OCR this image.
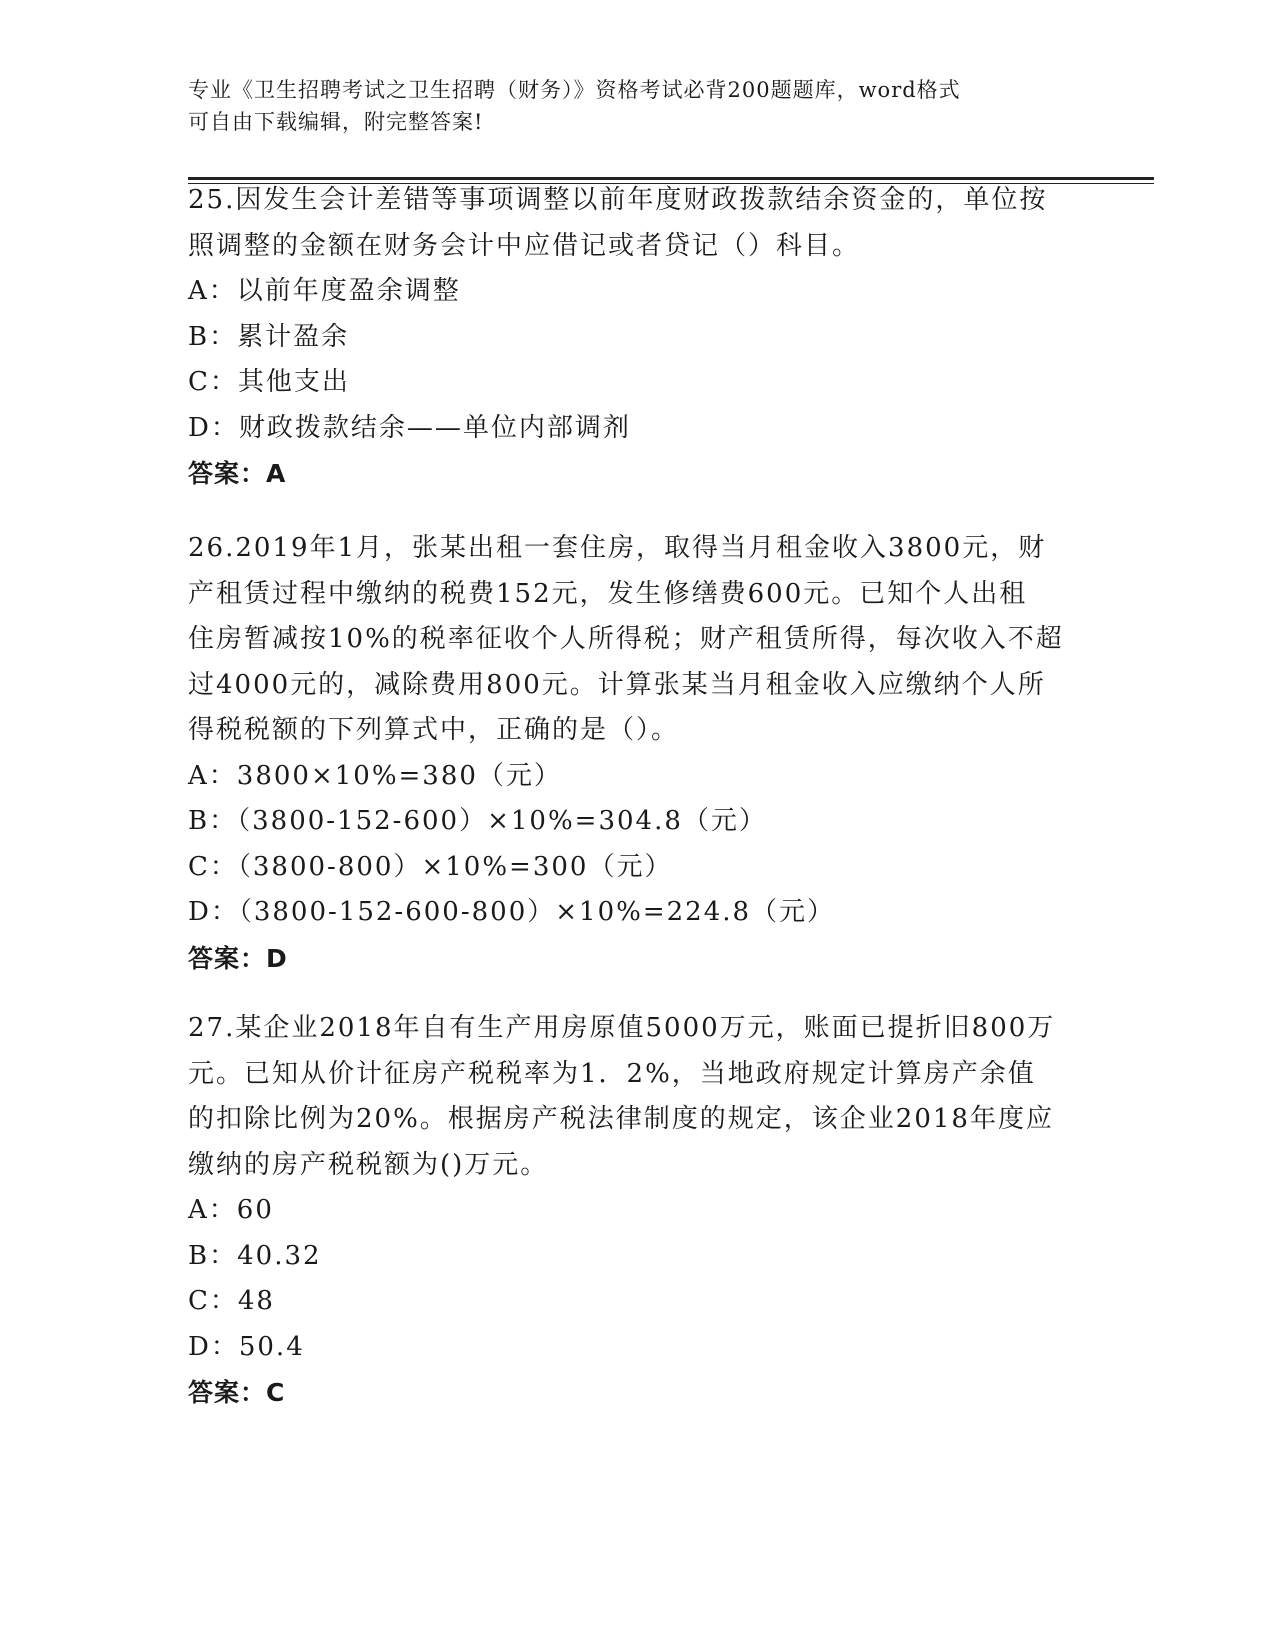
专业《卫生招聘考试之卫生招聘（财务）》资格考试必背200题题库，word格式
可自由下载编辑，附完整答案!
25.因发生会计差错等事项调整以前年度财政拨款结余资金的，单位按
照调整的金额在财务会计中应借记或者贷记（）科目。
A：以前年度盈余调整
B：累计盈余
C：其他支出
D：财政拨款结余——单位内部调剂
答案：A
26.2019年1月，张某出租一套住房，取得当月租金收入3800元，财
产租赁过程中缴纳的税费152元，发生修缮费600元。已知个人出租
住房暂减按10%的税率征收个人所得税；财产租赁所得，每次收入不超
过4000元的，减除费用800元。计算张某当月租金收入应缴纳个人所
得税税额的下列算式中，正确的是（）。
A：3800×10%=380（元）
B：（3800-152-600）×10%=304.8（元）
C：（3800-800）×10%=300（元）
D：（3800-152-600-800）×10%=224.8（元）
答案：D
27.某企业2018年自有生产用房原值5000万元，账面已提折旧800万
元。已知从价计征房产税税率为1．2%，当地政府规定计算房产余值
的扣除比例为20%。根据房产税法律制度的规定，该企业2018年度应
缴纳的房产税税额为()万元。
A：60
B：40.32
C：48
D：50.4
答案：C
